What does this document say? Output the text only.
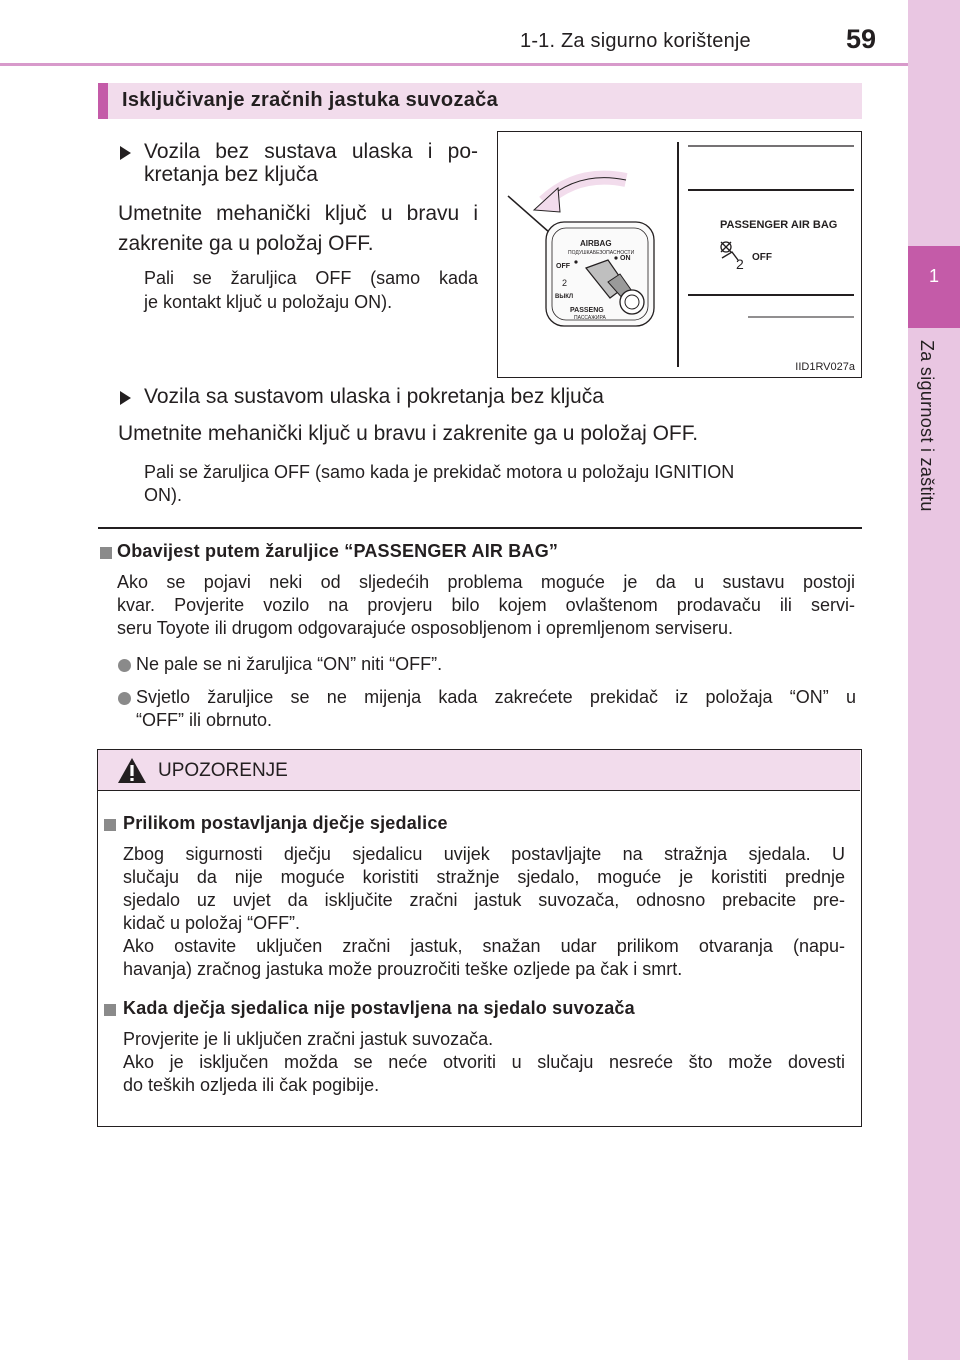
1-1. Za sigurno korištenje	59
1
Za sigurnost i zaštitu
Isključivanje zračnih jastuka suvozača
Vozila bez sustava ulaska i po-
kretanja bez ključa
Umetnite mehanički ključ u bravu i
zakrenite ga u položaj OFF.
Pali se žaruljica OFF (samo kada
je kontakt ključ u položaju ON).
PASSENGER AIR BAG
2 OFF
AIRBAG
ПОДУШКАБЕЗОПАСНОСТИ
OFF
ON
2
ВЫКЛ
PASSENG
ПАССАЖИРА
IID1RV027a
Vozila sa sustavom ulaska i pokretanja bez ključa
Umetnite mehanički ključ u bravu i zakrenite ga u položaj OFF.
Pali se žaruljica OFF (samo kada je prekidač motora u položaju IGNITION
ON).
Obavijest putem žaruljice “PASSENGER AIR BAG”
Ako se pojavi neki od sljedećih problema moguće je da u sustavu postoji
kvar. Povjerite vozilo na provjeru bilo kojem ovlaštenom prodavaču ili servi-
seru Toyote ili drugom odgovarajuće osposobljenom i opremljenom serviseru.
Ne pale se ni žaruljica “ON” niti “OFF”.
Svjetlo žaruljice se ne mijenja kada zakrećete prekidač iz položaja “ON” u
“OFF” ili obrnuto.
UPOZORENJE
Prilikom postavljanja dječje sjedalice
Zbog sigurnosti dječju sjedalicu uvijek postavljajte na stražnja sjedala. U
slučaju da nije moguće koristiti stražnje sjedalo, moguće je koristiti prednje
sjedalo uz uvjet da isključite zračni jastuk suvozača, odnosno prebacite pre-
kidač u položaj “OFF”.
Ako ostavite uključen zračni jastuk, snažan udar prilikom otvaranja (napu-
havanja) zračnog jastuka može prouzročiti teške ozljede pa čak i smrt.
Kada dječja sjedalica nije postavljena na sjedalo suvozača
Provjerite je li uključen zračni jastuk suvozača.
Ako je isključen možda se neće otvoriti u slučaju nesreće što može dovesti
do teških ozljeda ili čak pogibije.
